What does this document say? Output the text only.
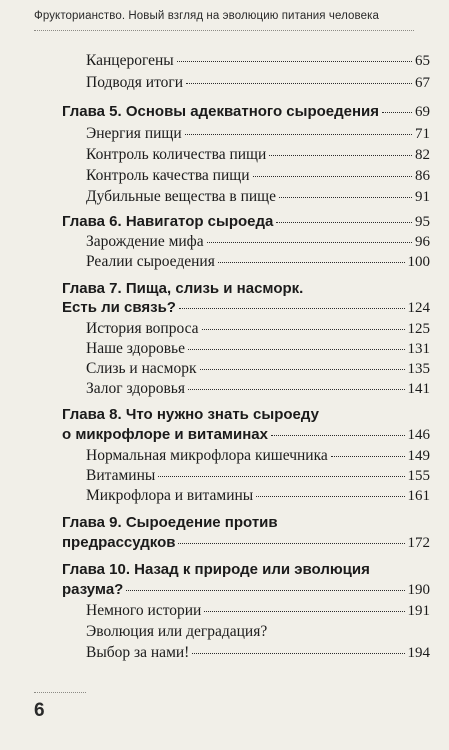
Фрукторианство. Новый взгляд на эволюцию питания человека

Канцерогены	65
Подводя итоги	67
Глава 5. Основы адекватного сыроедения 69
Энергия пищи	71
Контроль количества пищи	82
Контроль качества пищи	86
Дубильные вещества в пище	91
Глава 6. Навигатор сыроеда	95
Зарождение мифа	96
Реалии сыроедения	100
Глава 7. Пища, слизь и насморк.
Есть ли связь?	124
История вопроса	125
Наше здоровье	131
Слизь и насморк	135
Залог здоровья	141
Глава 8. Что нужно знать сыроеду
о микрофлоре и витаминах	146
Нормальная микрофлора кишечника	149
Витамины	155
Микрофлора и витамины	161
Глава 9. Сыроедение против
предрассудков	172
Глава 10. Назад к природе или эволюция
разума?	190
Немного истории	191
Эволюция или деградация?
Выбор за нами!	194
6
